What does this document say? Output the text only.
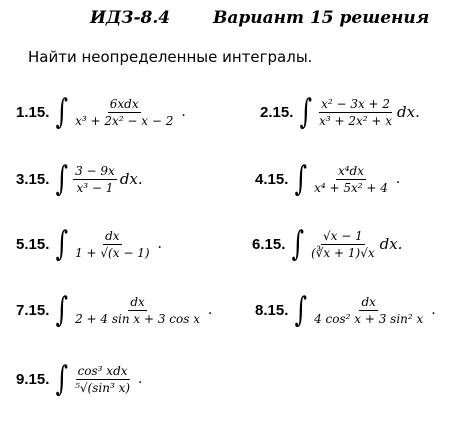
ИДЗ-8.4	Вариант 15 решения
Найти неопределенные интегралы.
1.15. ∫ $\frac{\text{6xdx}}{\text{x³ + 2x² − x − 2}}$ .	2.15. ∫ $\frac{\text{x² − 3x + 2}}{\text{x³ + 2x² + x}}$ dx.
3.15. ∫ $\frac{3 - 9x}{\text{x³ − 1}}$ dx.	4.15. ∫ $\frac{\text{x⁴dx}}{\text{x⁴ + 5x² + 4}}$ .
5.15. ∫ $\frac{dx}{1 + √(x - 1)}$ .	6.15. ∫ $\frac{√x - 1}{(∛x + 1)√x}$ dx.
7.15. ∫ $\frac{dx}{\text{2 + 4 sin x + 3 cos x}}$ .	8.15. ∫ $\frac{dx}{\text{4 cos² x + 3 sin² x}}$ .
9.15. ∫ $\frac{\text{cos³ xdx}}{\text{⁵√(sin³ x)}}$ .
